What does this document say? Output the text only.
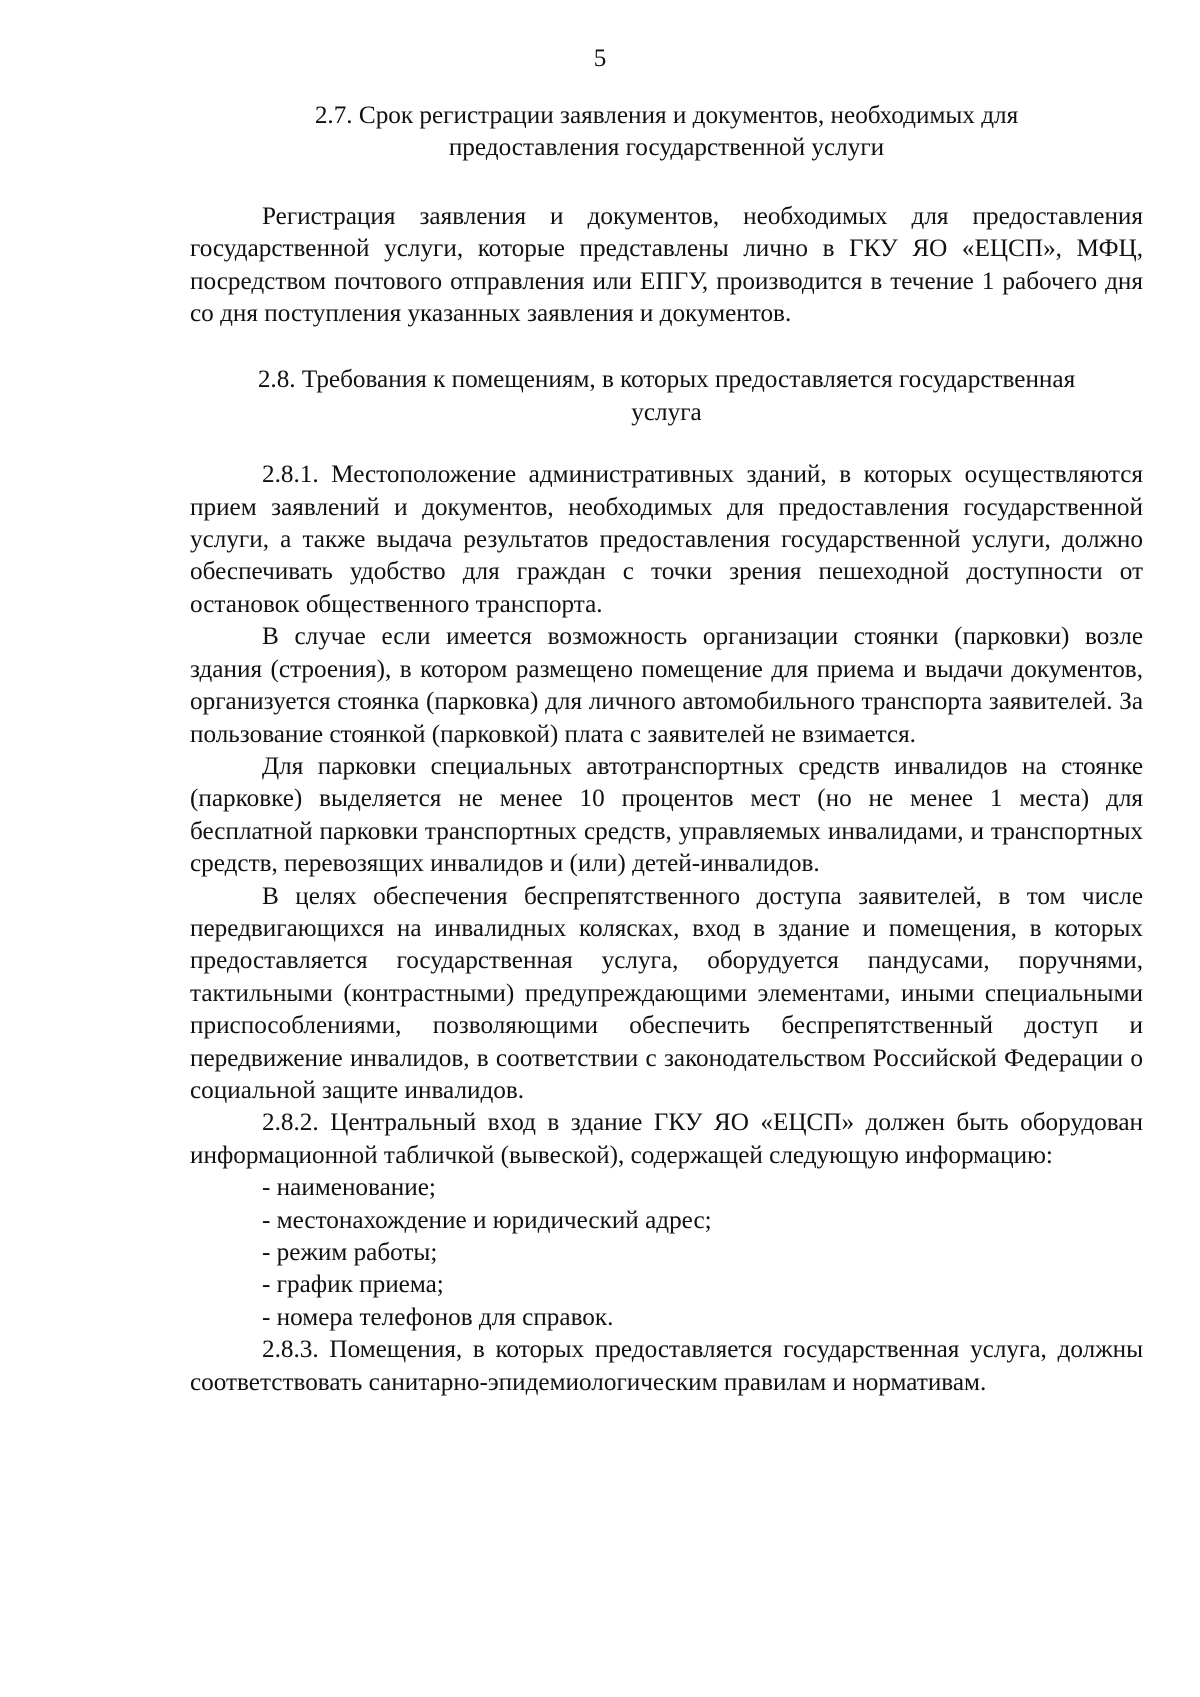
5
2.7. Срок регистрации заявления и документов, необходимых для
предоставления государственной услуги

Регистрация заявления и документов, необходимых для предоставления государственной услуги, которые представлены лично в ГКУ ЯО «ЕЦСП», МФЦ, посредством почтового отправления или ЕПГУ, производится в течение 1 рабочего дня со дня поступления указанных заявления и документов.

2.8. Требования к помещениям, в которых предоставляется государственная
услуга

2.8.1. Местоположение административных зданий, в которых осуществляются прием заявлений и документов, необходимых для предоставления государственной услуги, а также выдача результатов предоставления государственной услуги, должно обеспечивать удобство для граждан с точки зрения пешеходной доступности от остановок общественного транспорта.

В случае если имеется возможность организации стоянки (парковки) возле здания (строения), в котором размещено помещение для приема и выдачи документов, организуется стоянка (парковка) для личного автомобильного транспорта заявителей. За пользование стоянкой (парковкой) плата с заявителей не взимается.

Для парковки специальных автотранспортных средств инвалидов на стоянке (парковке) выделяется не менее 10 процентов мест (но не менее 1 места) для бесплатной парковки транспортных средств, управляемых инвалидами, и транспортных средств, перевозящих инвалидов и (или) детей-инвалидов.

В целях обеспечения беспрепятственного доступа заявителей, в том числе передвигающихся на инвалидных колясках, вход в здание и помещения, в которых предоставляется государственная услуга, оборудуется пандусами, поручнями, тактильными (контрастными) предупреждающими элементами, иными специальными приспособлениями, позволяющими обеспечить беспрепятственный доступ и передвижение инвалидов, в соответствии с законодательством Российской Федерации о социальной защите инвалидов.

2.8.2. Центральный вход в здание ГКУ ЯО «ЕЦСП» должен быть оборудован информационной табличкой (вывеской), содержащей следующую информацию:

- наименование;

- местонахождение и юридический адрес;

- режим работы;

- график приема;

- номера телефонов для справок.

2.8.3. Помещения, в которых предоставляется государственная услуга, должны соответствовать санитарно-эпидемиологическим правилам и нормативам.
